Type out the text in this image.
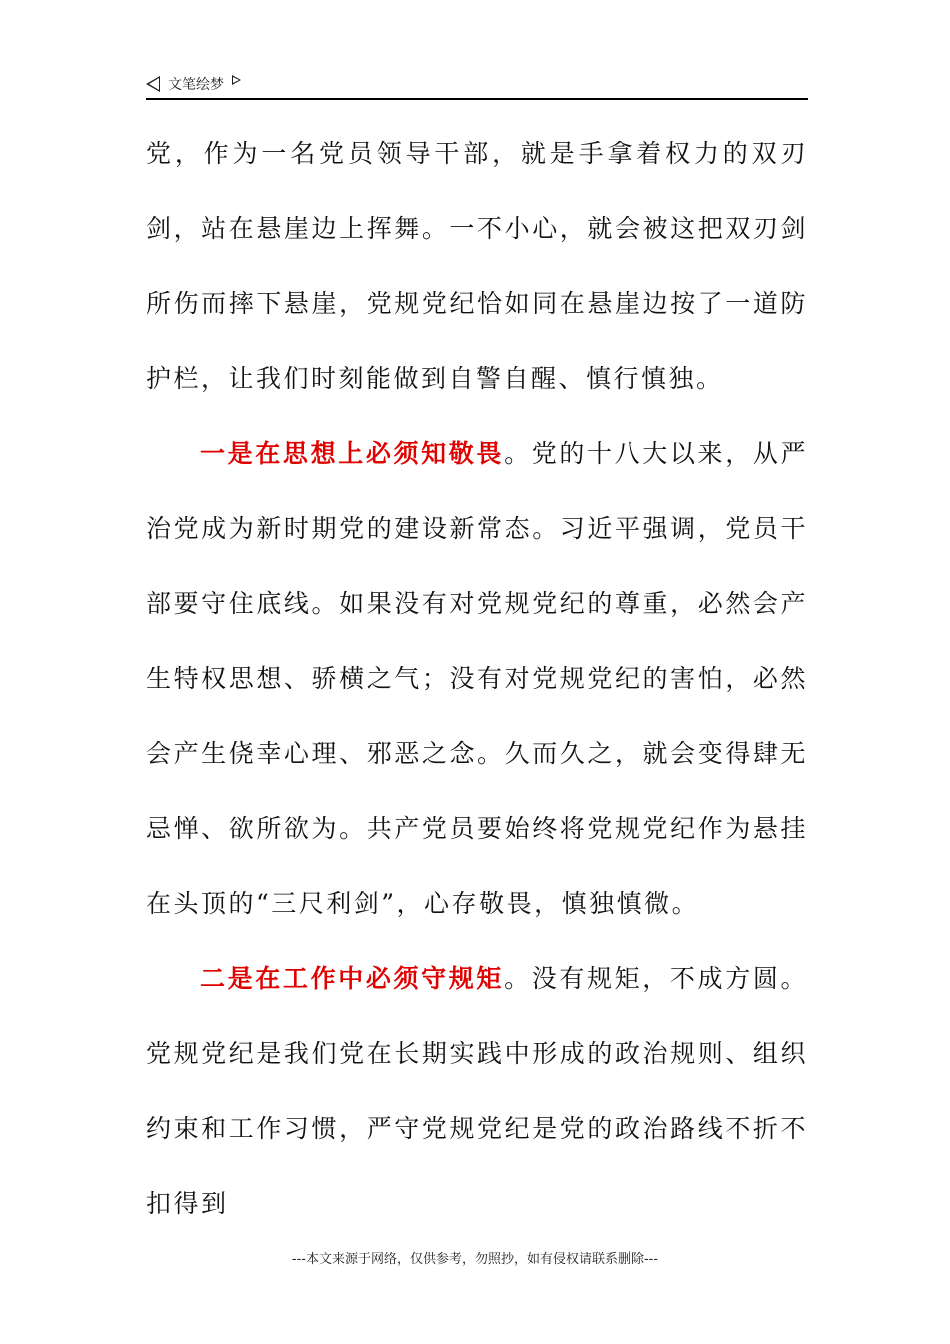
文笔绘梦

党，作为一名党员领导干部，就是手拿着权力的双刃剑，站在悬崖边上挥舞。一不小心，就会被这把双刃剑所伤而摔下悬崖，党规党纪恰如同在悬崖边按了一道防护栏，让我们时刻能做到自警自醒、慎行慎独。

一是在思想上必须知敬畏。党的十八大以来，从严治党成为新时期党的建设新常态。习近平强调，党员干部要守住底线。如果没有对党规党纪的尊重，必然会产生特权思想、骄横之气；没有对党规党纪的害怕，必然会产生侥幸心理、邪恶之念。久而久之，就会变得肆无忌惮、欲所欲为。共产党员要始终将党规党纪作为悬挂在头顶的“三尺利剑”，心存敬畏，慎独慎微。

二是在工作中必须守规矩。没有规矩，不成方圆。党规党纪是我们党在长期实践中形成的政治规则、组织约束和工作习惯，严守党规党纪是党的政治路线不折不扣得到

---本文来源于网络，仅供参考，勿照抄，如有侵权请联系删除---
